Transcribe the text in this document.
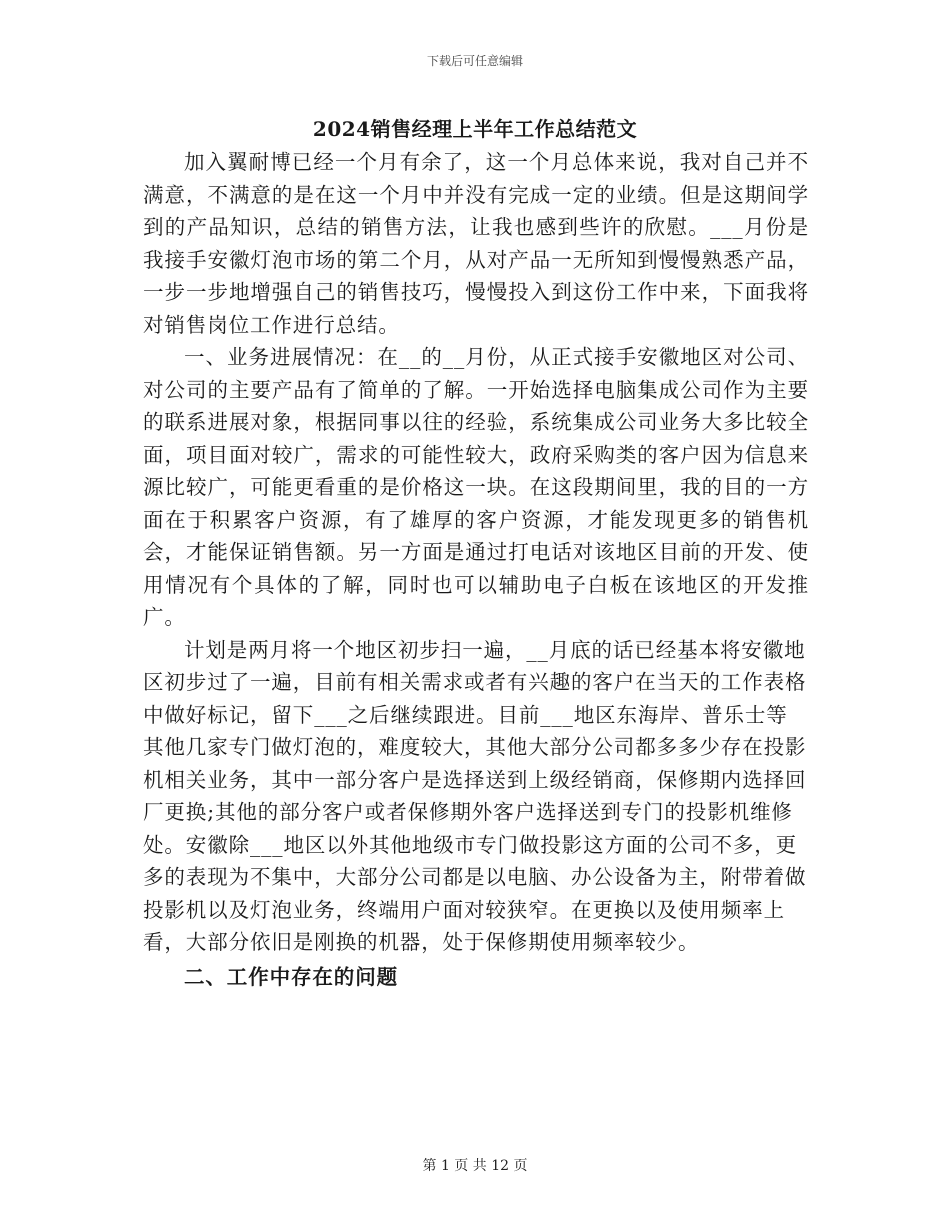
下载后可任意编辑
2024销售经理上半年工作总结范文

加入翼耐博已经一个月有余了，这一个月总体来说，我对自己并不满意，不满意的是在这一个月中并没有完成一定的业绩。但是这期间学到的产品知识，总结的销售方法，让我也感到些许的欣慰。___月份是我接手安徽灯泡市场的第二个月，从对产品一无所知到慢慢熟悉产品，一步一步地增强自己的销售技巧，慢慢投入到这份工作中来，下面我将对销售岗位工作进行总结。

一、业务进展情况：在__的__月份，从正式接手安徽地区对公司、对公司的主要产品有了简单的了解。一开始选择电脑集成公司作为主要的联系进展对象，根据同事以往的经验，系统集成公司业务大多比较全面，项目面对较广，需求的可能性较大，政府采购类的客户因为信息来源比较广，可能更看重的是价格这一块。在这段期间里，我的目的一方面在于积累客户资源，有了雄厚的客户资源，才能发现更多的销售机会，才能保证销售额。另一方面是通过打电话对该地区目前的开发、使用情况有个具体的了解，同时也可以辅助电子白板在该地区的开发推广。

计划是两月将一个地区初步扫一遍，__月底的话已经基本将安徽地区初步过了一遍，目前有相关需求或者有兴趣的客户在当天的工作表格中做好标记，留下___之后继续跟进。目前___地区东海岸、普乐士等其他几家专门做灯泡的，难度较大，其他大部分公司都多多少存在投影机相关业务，其中一部分客户是选择送到上级经销商，保修期内选择回厂更换;其他的部分客户或者保修期外客户选择送到专门的投影机维修处。安徽除___地区以外其他地级市专门做投影这方面的公司不多，更多的表现为不集中，大部分公司都是以电脑、办公设备为主，附带着做投影机以及灯泡业务，终端用户面对较狭窄。在更换以及使用频率上看，大部分依旧是刚换的机器，处于保修期使用频率较少。

二、工作中存在的问题

第 1 页 共 12 页
